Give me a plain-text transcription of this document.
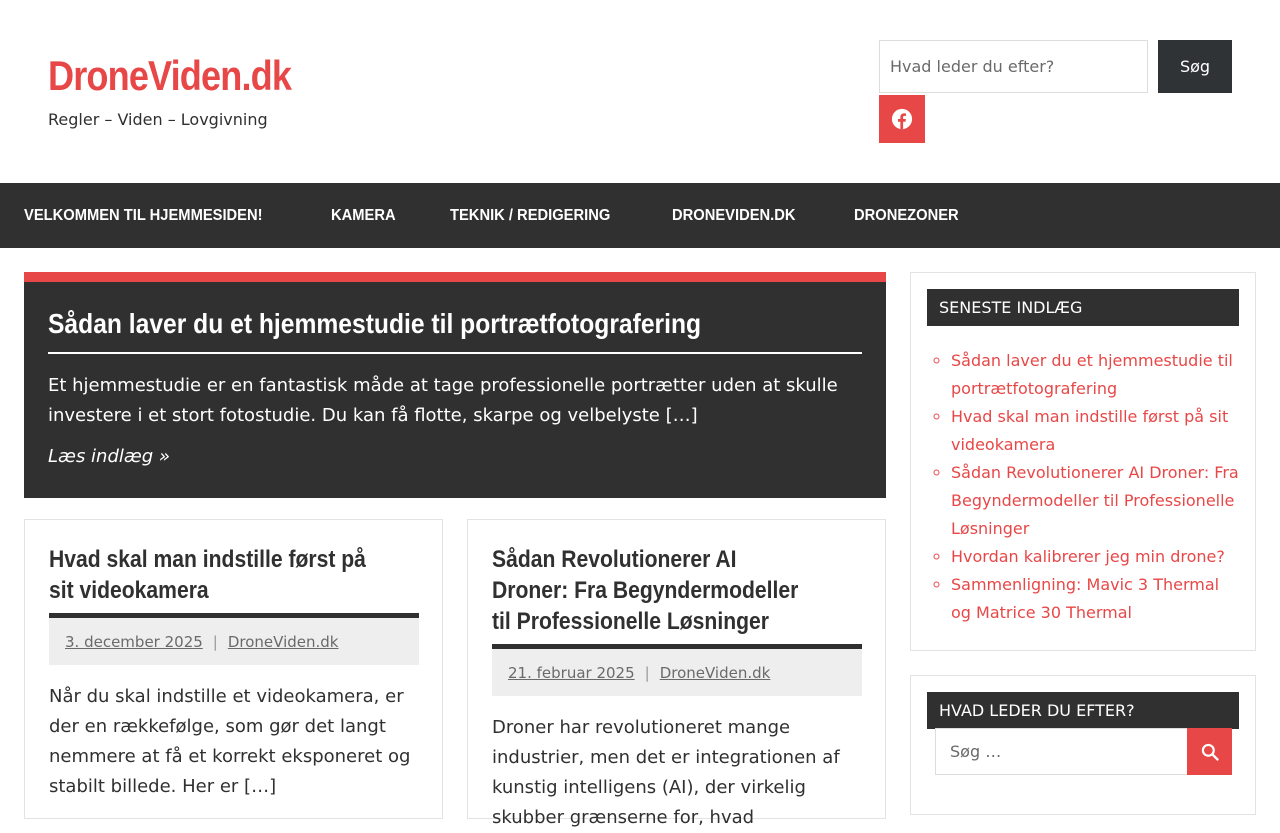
DroneViden.dk
Regler – Viden – Lovgivning
Hvad leder du efter?
Søg
VELKOMMEN TIL HJEMMESIDEN!	KAMERA	TEKNIK / REDIGERING	DRONEVIDEN.DK	DRONEZONER
Sådan laver du et hjemmestudie til portrætfotografering

Et hjemmestudie er en fantastisk måde at tage professionelle portrætter uden at skulle investere i et stort fotostudie. Du kan få flotte, skarpe og velbelyste […]

Læs indlæg »
Hvad skal man indstille først på sit videokamera
3. december 2025 | DroneViden.dk

Når du skal indstille et videokamera, er der en rækkefølge, som gør det langt nemmere at få et korrekt eksponeret og stabilt billede. Her er […]

Sådan Revolutionerer AI Droner: Fra Begyndermodeller til Professionelle Løsninger
21. februar 2025 | DroneViden.dk

Droner har revolutioneret mange industrier, men det er integrationen af kunstig intelligens (AI), der virkelig skubber grænserne for, hvad

SENESTE INDLÆG
◦ Sådan laver du et hjemmestudie til portrætfotografering
◦ Hvad skal man indstille først på sit videokamera
◦ Sådan Revolutionerer AI Droner: Fra Begyndermodeller til Professionelle Løsninger
◦ Hvordan kalibrerer jeg min drone?
◦ Sammenligning: Mavic 3 Thermal og Matrice 30 Thermal
HVAD LEDER DU EFTER?
Søg …
